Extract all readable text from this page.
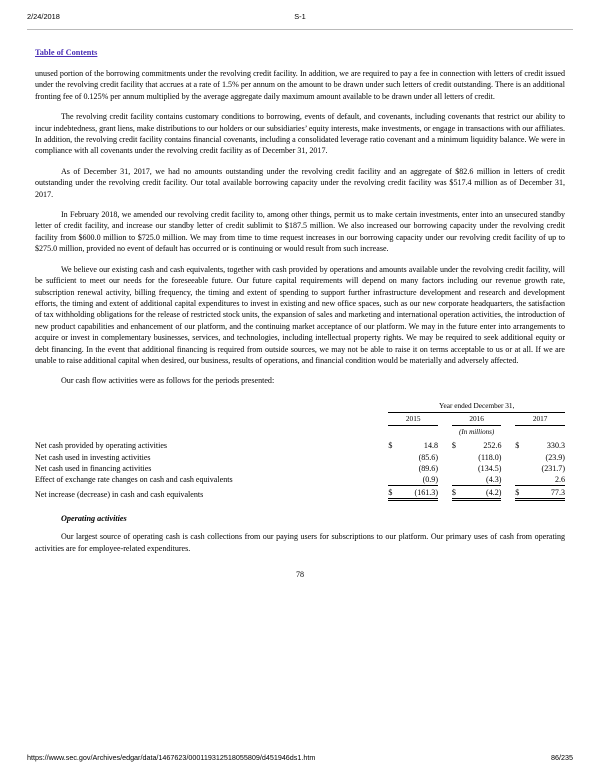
2/24/2018	S-1
Table of Contents

unused portion of the borrowing commitments under the revolving credit facility. In addition, we are required to pay a fee in connection with letters of credit issued under the revolving credit facility that accrues at a rate of 1.5% per annum on the amount to be drawn under such letters of credit outstanding. There is an additional fronting fee of 0.125% per annum multiplied by the average aggregate daily maximum amount available to be drawn under all letters of credit.

The revolving credit facility contains customary conditions to borrowing, events of default, and covenants, including covenants that restrict our ability to incur indebtedness, grant liens, make distributions to our holders or our subsidiaries’ equity interests, make investments, or engage in transactions with our affiliates. In addition, the revolving credit facility contains financial covenants, including a consolidated leverage ratio covenant and a minimum liquidity balance. We were in compliance with all covenants under the revolving credit facility as of December 31, 2017.

As of December 31, 2017, we had no amounts outstanding under the revolving credit facility and an aggregate of $82.6 million in letters of credit outstanding under the revolving credit facility. Our total available borrowing capacity under the revolving credit facility was $517.4 million as of December 31, 2017.

In February 2018, we amended our revolving credit facility to, among other things, permit us to make certain investments, enter into an unsecured standby letter of credit facility, and increase our standby letter of credit sublimit to $187.5 million. We also increased our borrowing capacity under the revolving credit facility from $600.0 million to $725.0 million. We may from time to time request increases in our borrowing capacity under our revolving credit facility of up to $275.0 million, provided no event of default has occurred or is continuing or would result from such increase.

We believe our existing cash and cash equivalents, together with cash provided by operations and amounts available under the revolving credit facility, will be sufficient to meet our needs for the foreseeable future. Our future capital requirements will depend on many factors including our revenue growth rate, subscription renewal activity, billing frequency, the timing and extent of spending to support further infrastructure development and research and development efforts, the timing and extent of additional capital expenditures to invest in existing and new office spaces, such as our new corporate headquarters, the satisfaction of tax withholding obligations for the release of restricted stock units, the expansion of sales and marketing and international operation activities, the introduction of new product capabilities and enhancement of our platform, and the continuing market acceptance of our platform. We may in the future enter into arrangements to acquire or invest in complementary businesses, services, and technologies, including intellectual property rights. We may be required to seek additional equity or debt financing. In the event that additional financing is required from outside sources, we may not be able to raise it on terms acceptable to us or at all. If we are unable to raise additional capital when desired, our business, results of operations, and financial condition would be materially and adversely affected.

Our cash flow activities were as follows for the periods presented:

	Year ended December 31,							
	2015			2016			2017	
	(In millions)							
Net cash provided by operating activities	$	14.8		$	252.6		$	330.3
Net cash used in investing activities		(85.6)			(118.0)			(23.9)
Net cash used in financing activities		(89.6)			(134.5)			(231.7)
Effect of exchange rate changes on cash and cash equivalents		(0.9)			(4.3)			2.6
Net increase (decrease) in cash and cash equivalents	$	(161.3)		$	(4.2)		$	77.3
Operating activities

Our largest source of operating cash is cash collections from our paying users for subscriptions to our platform. Our primary uses of cash from operating activities are for employee-related expenditures.

78
https://www.sec.gov/Archives/edgar/data/1467623/000119312518055809/d451946ds1.htm	86/235
